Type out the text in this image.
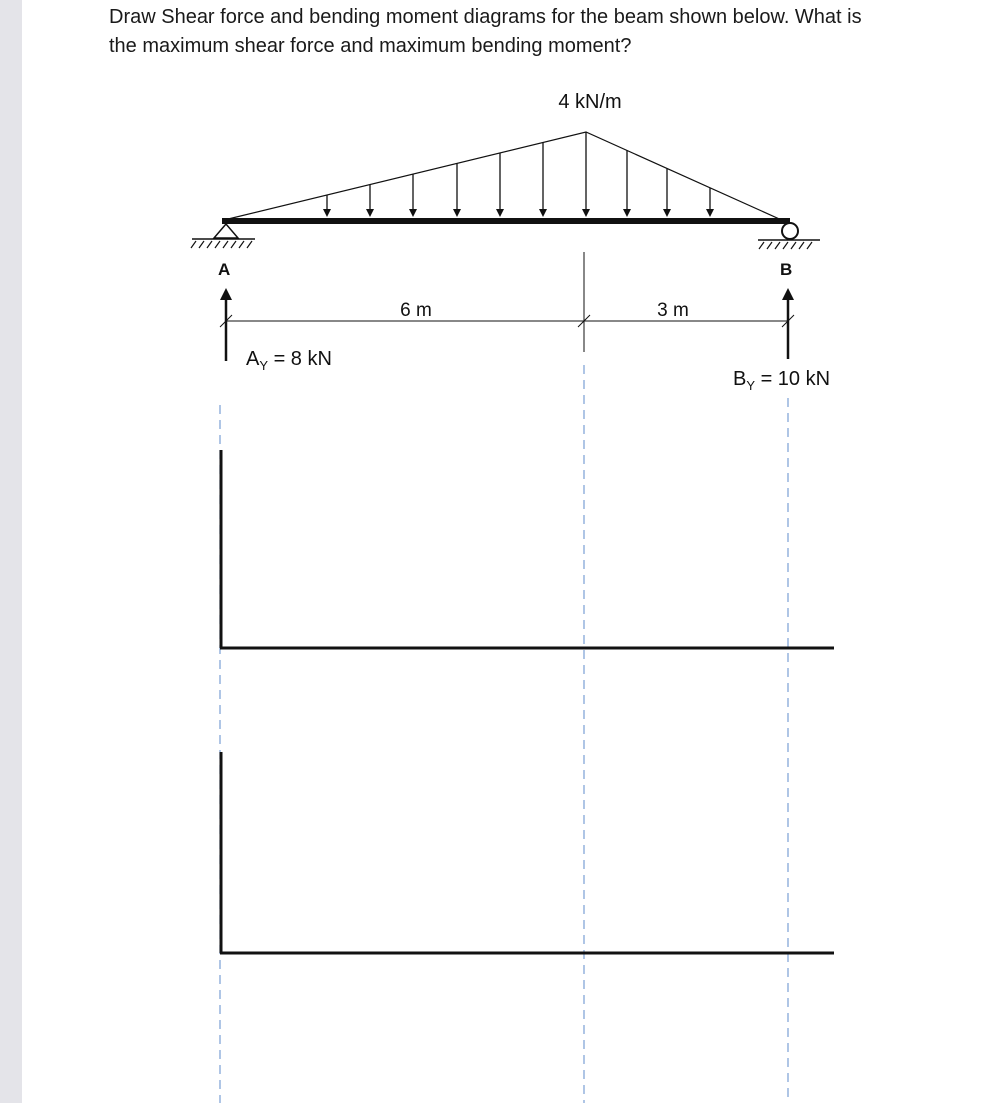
Draw Shear force and bending moment diagrams for the beam shown below. What is
the maximum shear force and maximum bending moment?
4 kN/m
A	B
6 m	3 m
$A_Y = 8$ kN
$B_Y = 10$ kN
